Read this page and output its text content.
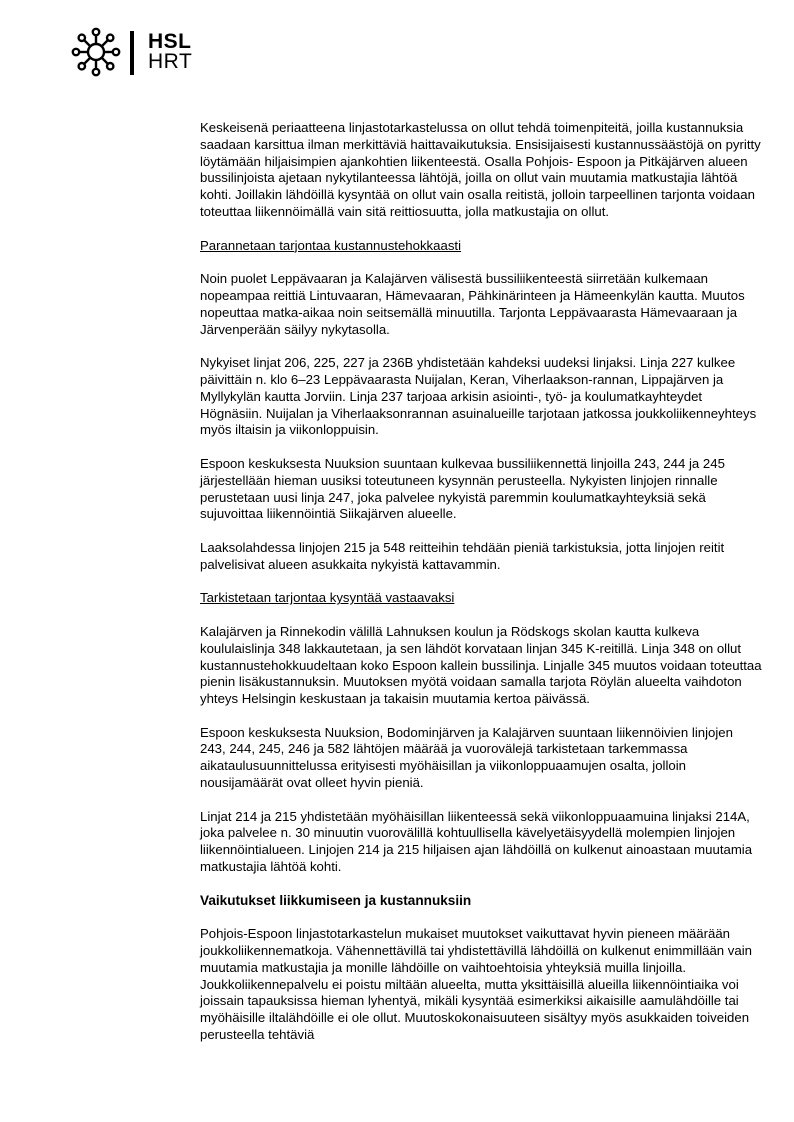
HSL
HRT

Keskeisenä periaatteena linjastotarkastelussa on ollut tehdä toimenpiteitä, joilla kustannuksia saadaan karsittua ilman merkittäviä haittavaikutuksia. Ensisijaisesti kustannussäästöjä on pyritty löytämään hiljaisimpien ajankohtien liikenteestä. Osalla Pohjois- Espoon ja Pitkäjärven alueen bussilinjoista ajetaan nykytilanteessa lähtöjä, joilla on ollut vain muutamia matkustajia lähtöä kohti. Joillakin lähdöillä kysyntää on ollut vain osalla reitistä, jolloin tarpeellinen tarjonta voidaan toteuttaa liikennöimällä vain sitä reittiosuutta, jolla matkustajia on ollut.

Parannetaan tarjontaa kustannustehokkaasti

Noin puolet Leppävaaran ja Kalajärven välisestä bussiliikenteestä siirretään kulkemaan nopeampaa reittiä Lintuvaaran, Hämevaaran, Pähkinärinteen ja Hämeenkylän kautta. Muutos nopeuttaa matka-aikaa noin seitsemällä minuutilla. Tarjonta Leppävaarasta Hämevaaraan ja Järvenperään säilyy nykytasolla.

Nykyiset linjat 206, 225, 227 ja 236B yhdistetään kahdeksi uudeksi linjaksi. Linja 227 kulkee päivittäin n. klo 6–23 Leppävaarasta Nuijalan, Keran, Viherlaakson-rannan, Lippajärven ja Myllykylän kautta Jorviin. Linja 237 tarjoaa arkisin asiointi-, työ- ja koulumatkayhteydet Högnäsiin. Nuijalan ja Viherlaaksonrannan asuinalueille tarjotaan jatkossa joukkoliikenneyhteys myös iltaisin ja viikonloppuisin.

Espoon keskuksesta Nuuksion suuntaan kulkevaa bussiliikennettä linjoilla 243, 244 ja 245 järjestellään hieman uusiksi toteutuneen kysynnän perusteella. Nykyisten linjojen rinnalle perustetaan uusi linja 247, joka palvelee nykyistä paremmin koulumatkayhteyksiä sekä sujuvoittaa liikennöintiä Siikajärven alueelle.

Laaksolahdessa linjojen 215 ja 548 reitteihin tehdään pieniä tarkistuksia, jotta linjojen reitit palvelisivat alueen asukkaita nykyistä kattavammin.

Tarkistetaan tarjontaa kysyntää vastaavaksi

Kalajärven ja Rinnekodin välillä Lahnuksen koulun ja Rödskogs skolan kautta kulkeva koululaislinja 348 lakkautetaan, ja sen lähdöt korvataan linjan 345 K-reitillä. Linja 348 on ollut kustannustehokkuudeltaan koko Espoon kallein bussilinja. Linjalle 345 muutos voidaan toteuttaa pienin lisäkustannuksin. Muutoksen myötä voidaan samalla tarjota Röylän alueelta vaihdoton yhteys Helsingin keskustaan ja takaisin muutamia kertoa päivässä.

Espoon keskuksesta Nuuksion, Bodominjärven ja Kalajärven suuntaan liikennöivien linjojen 243, 244, 245, 246 ja 582 lähtöjen määrää ja vuorovälejä tarkistetaan tarkemmassa aikataulusuunnittelussa erityisesti myöhäisillan ja viikonloppuaamujen osalta, jolloin nousijamäärät ovat olleet hyvin pieniä.

Linjat 214 ja 215 yhdistetään myöhäisillan liikenteessä sekä viikonloppuaamuina linjaksi 214A, joka palvelee n. 30 minuutin vuorovälillä kohtuullisella kävelyetäisyydellä molempien linjojen liikennöintialueen. Linjojen 214 ja 215 hiljaisen ajan lähdöillä on kulkenut ainoastaan muutamia matkustajia lähtöä kohti.

Vaikutukset liikkumiseen ja kustannuksiin

Pohjois-Espoon linjastotarkastelun mukaiset muutokset vaikuttavat hyvin pieneen määrään joukkoliikennematkoja. Vähennettävillä tai yhdistettävillä lähdöillä on kulkenut enimmillään vain muutamia matkustajia ja monille lähdöille on vaihtoehtoisia yhteyksiä muilla linjoilla. Joukkoliikennepalvelu ei poistu miltään alueelta, mutta yksittäisillä alueilla liikennöintiaika voi joissain tapauksissa hieman lyhentyä, mikäli kysyntää esimerkiksi aikaisille aamulähdöille tai myöhäisille iltalähdöille ei ole ollut. Muutoskokonaisuuteen sisältyy myös asukkaiden toiveiden perusteella tehtäviä
